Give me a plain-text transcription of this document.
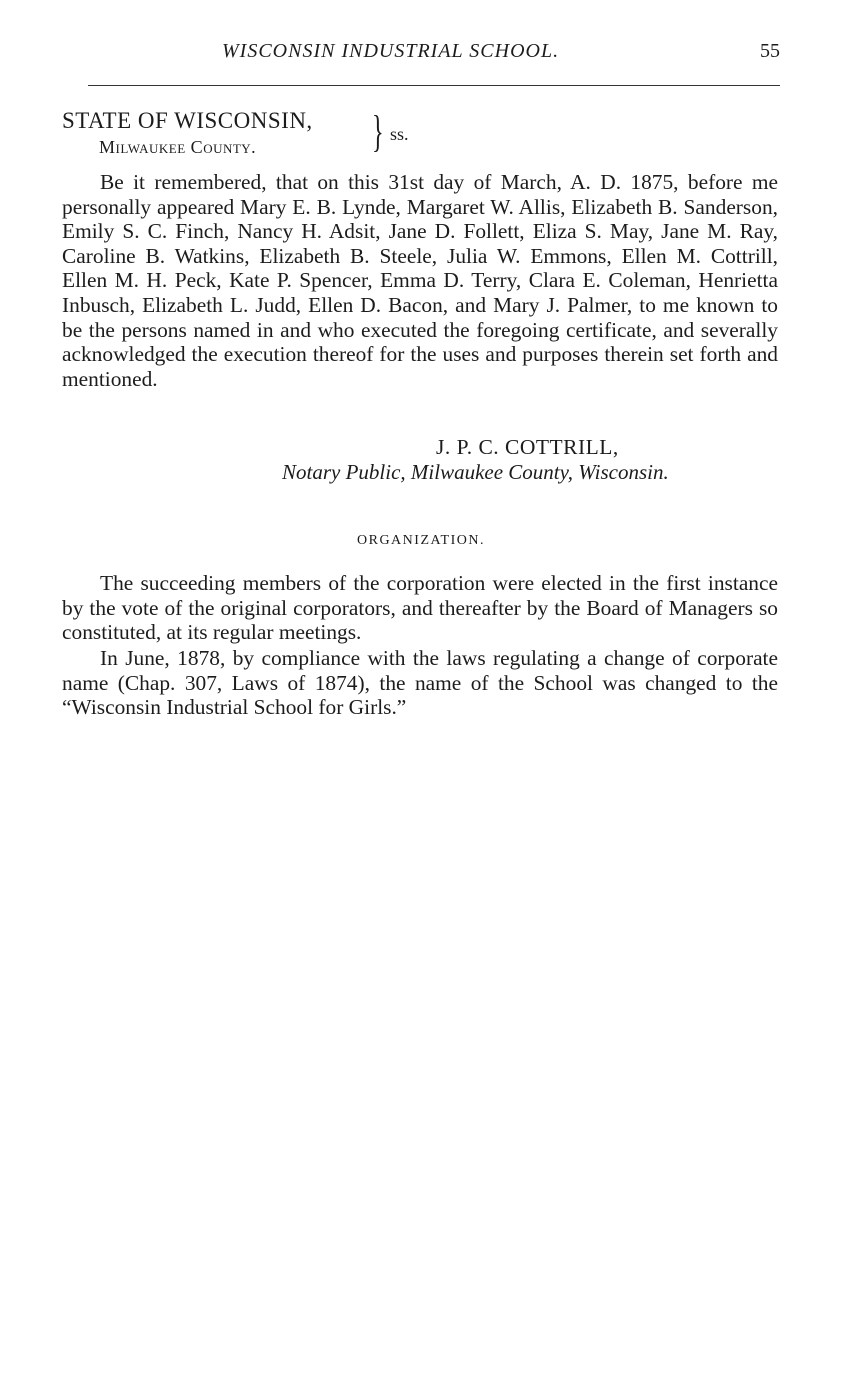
WISCONSIN INDUSTRIAL SCHOOL.	55
STATE OF WISCONSIN,
Milwaukee County.	} ss.

Be it remembered, that on this 31st day of March, A. D. 1875, before me personally appeared Mary E. B. Lynde, Margaret W. Allis, Elizabeth B. Sanderson, Emily S. C. Finch, Nancy H. Adsit, Jane D. Follett, Eliza S. May, Jane M. Ray, Caroline B. Watkins, Elizabeth B. Steele, Julia W. Emmons, Ellen M. Cottrill, Ellen M. H. Peck, Kate P. Spencer, Emma D. Terry, Clara E. Coleman, Henrietta Inbusch, Elizabeth L. Judd, Ellen D. Bacon, and Mary J. Palmer, to me known to be the persons named in and who executed the foregoing certificate, and severally acknowledged the execution thereof for the uses and purposes therein set forth and mentioned.

J. P. C. COTTRILL,
Notary Public, Milwaukee County, Wisconsin.
ORGANIZATION.

The succeeding members of the corporation were elected in the first instance by the vote of the original corporators, and thereafter by the Board of Managers so constituted, at its regular meetings.

In June, 1878, by compliance with the laws regulating a change of corporate name (Chap. 307, Laws of 1874), the name of the School was changed to the “Wisconsin Industrial School for Girls.”
